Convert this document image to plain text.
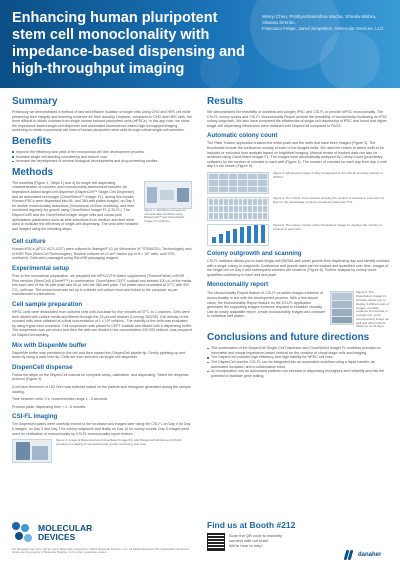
Enhancing human pluripotent stem cell monoclonality with impedance-based dispensing and high-throughput imaging
Wenyi Chen, Prathyushakrishna Macha, Shreda Mishra, Oksana Sirenko,
Francisco Felipe, Jared Simpelson, Molecular Devices, LLC
Summary

Previously we demonstrated a method of fast and efficient isolation of single cells using CHO and HEK cell while preserving their integrity and ensuring evidence for their clonality. However, compared to CHO and HEK cells, the more difficult to obtain colonies from single human induced pluripotent cells (hiPSCs). In this app note, we show the impedance-based single-cell dispenser and automated fluorescence-based high-throughput imaging screening to obtain monoclonal cell lines of human pluripotent stem cells through robust single-cell selection.

Benefits
Improve the efficiency and yield of the monoclonal cell line development process
Increase single cell-seeding consistency and reduce cost
Increase the development of several biological developments and drug screening studies
Methods

The workflow (Figure 1, Steps 1) and 4) for single cell dispensing, characterization of colonies, and monoclonality assessment includes: an impedance-based single-cell dispenser (DispenCell™ Single-Cell Dispenser) and an automated cell imager (CloneSelect™ Imager FL), during this bundle. Human iPSCs were dispensed into 96- and 384-well plates imaged, on Day 0 for double monoclonality assurance (monoclonal cell line workflow), and then monitored regularly for growth using CloneSelect Imager FL (CSI-FL). The DispenCell® and the CloneSelect Imager single cells and clonal-pure optimization parameters such as best selections from medium and time were used to evaluate the efficiency of single-cell dispensing. The cells were isolated and imaged using the following steps:

Figure 1. Workflow overview for monoclonality workflow using DispenCell™ and CloneSelect Imager FL (CSI-FL).

Cell culture

Human iPSCs (ATCC ACS-1027) were cultured in Matrigel® 10 (or Vitronectin XF STEMCELL Technologies) and mTeSR Plus (StemCell Technologies). Routine cultures at 10 cm² dishes (up to 5 × 10⁵ cells, until 70% confluent). Cells were passaged using ReLeSR passaging reagent.

Experimental setup

Prior to the monoclonal preparation, we prepared the hiPSC/VTN Matrix supplement (ThermoFisher) mTeSR Plus medium (StemCell) (CloneR™) in combination. CloneSelect CEPT cocktail and seeded 100 μL of the media into each well of the 96-well plate and 50 μL into the 384-well plate. The plates were incubated at 37°C with 5% CO₂ until use. The monoclonal was set up in a sterile cell culture hood and linked to the computer as per manufacturer's instructions.

Cell sample preparation

hiPSC cells were dissociated from cultured cells with Accutase for five minutes at 37°C to 1 colonies. Cells were then diluted with culture media and filtered through the 25 μm cell strainer (Corning 352235). Cell density of the counted cells were obtained at a final concentration of 1 × 10⁵ cells/mL. The viability of the cells was evaluated by using trypan blue exclusion. Cell suspension was placed in CEPT cocktail and diluted with a dispensing buffer. The suspension was pre-mixed and then the cells are diluted in the concentration 200,000 cells/mL was prepared for DispenCell-seeding.

Mix with DispenMe buffer

DispenMe buffer was premixed to the cell and then loaded into DispenCell pipette tip. Gently pipetting up and down by using a wide bore tip. Cells are then selected via single-cell dispenser.

DispenCell dispense

Follow the steps on the DispenCell manual for complete setup, calibration, and dispensing. Select the dispense protocol (Figure 2).

A cell size threshold of 150 Ohm was selected based on the particle size histogram generated during the sample loading.

Time between cells: 2 s, recommended range 1 - 5 seconds

Process plate: dispensing time ≈ 3 - 6 minutes

CSI-FL imaging

The dispensed plates were carefully moved to the incubator and imaged later using the CSI-FL on Day 0 for Day 0 images, on Day 3 and Day 7 for colony outgrowth and finally on Day 14 for colony counts. Day 0 images were used for verification of monoclonality by CSI-FL monoclonality report feature.

Figure 2. Image of DispenCell and CloneSelect Imager FL with DispenCell full-time and CSI-FL provides an imaging of monoclonal and growth monitoring over time.

Results

We demonstrated the feasibility of workflow and (single) iPSC and CSI-FL to provide hiPSC monoclonality. The CSI-FL colony counts and CSI-FL Monoclonality Report provide the possibility of conveniently monitoring an iPSC colony outgrowth. We also have compared the efficiencies of single-cell dispensing of iPSC and found that higher single-cell dispensing efficiencies were obtained with DispenCell compared to FACS.

Automatic colony count

The Plate Tracker application tracked the entire plate and the wells that have been imaged (Figure 3). The thumbnails include the confluence overlay of each of the imaged wells. We used the review to select wells to be included or excluded from analysis based on brightfield imaging. Manual review of tracked data can also be achieved using CloneSelect Imager FL. The images were automatically analyzed by Colony Count (proprietary software) for the number of colonies in each well (Figure 4). The number of colonies for each day from day 4 until day 14 are shown (Figure 5).

Figure 3. Whole-well images of Day 14 acquired by the CSI-FL showing colonies of hiPSCs.

Figure 4. The CSI-FL Count feature showing the number of colonies in each well. At Day 14, the percentage of colony-containing wells was 77%.

Figure 5. The colony number of the Cloneselect Imager FL displays the number of colonies in each well.

Colony outgrowth and scanning

CSI-FL software allows you to track single-cell (96/384-well plate) growth from dispensing day and identify colonies with a single colony in outgrowth. Confluence and growth rates can be tracked and quantified over time. Images of the single cell on Day 0 and subsequent colonies are shown in (Figure 6). Further analysis by colony count quantifies confluency in each well and plate.

Monoclonality report

The Monoclonality Report feature of CSI-FL provides images evidence of monoclonality in line with the development process. With a few simple clicks, the Monoclonality Report feature on the CSI-FL application generates the supporting images evidence required to establish clonality. Use an easily adaptable report, create monoclonality images and compare to individual well plates.

Figure 6. The CloneSelect Imager FL software allows you to display 4 different sets of images. Clonality evidence of a sample of a single cell, of the corresponding image per well and which CSI-FL follow-up on 14 days.

Conclusions and future directions
The combination of the DispenCell Single-Cell Dispenser and CloneSelect Imager FL workflow provides an innovative and simple impedance-based method for the creation of clonal stage cells and imaging.
The DispenCell provides high efficiency and high viability for hiPSC cell lines.
The DispenCell and the CSI-FL can be integrated into an automated workflow using a liquid handler, an automated incubator, and a collaborative robot.
An incorporation into an automated platform can increase in dispensing throughput and reliability and has the potential to facilitate gene editing.
MOLECULAR
DEVICES

For Research Use Only. Not for use in diagnostic procedures. ©2023 Molecular Devices, LLC. All Rights Reserved. The trademarks mentioned herein are the property of Molecular Devices, LLC or their respective owners.

Find us at Booth #212
Scan the QR code to instantly
connect with our team.
We're here to help!
danaher
